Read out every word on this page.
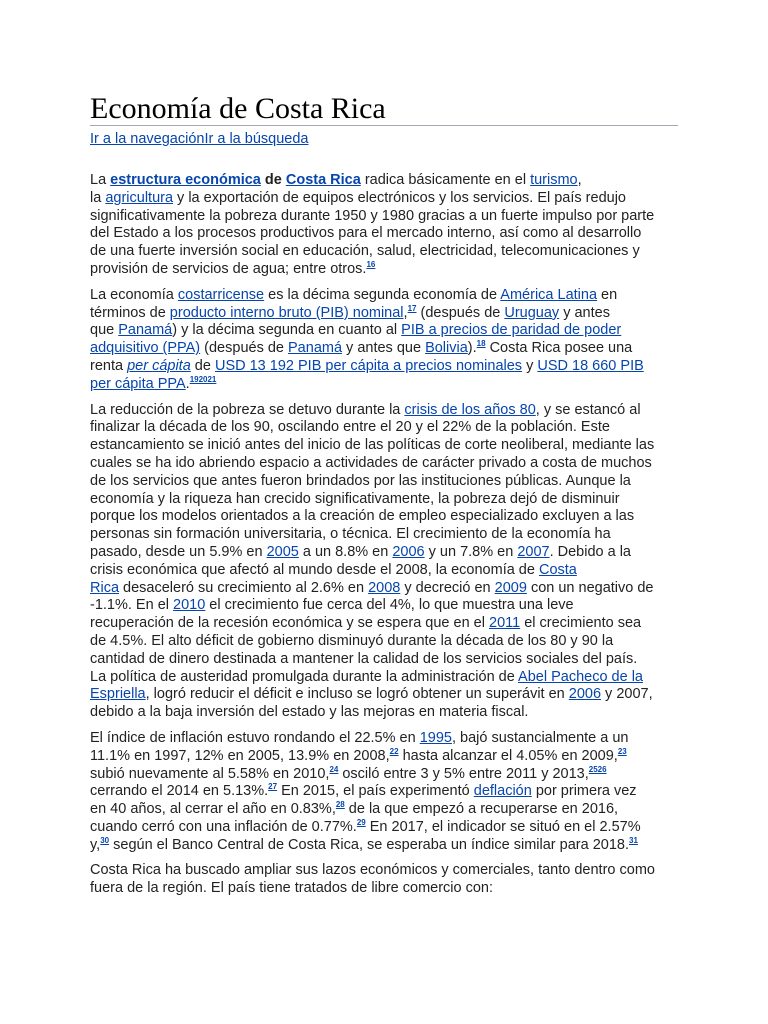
Economía de Costa Rica
Ir a la navegaciónIr a la búsqueda

La estructura económica de Costa Rica radica básicamente en el turismo,
la agricultura y la exportación de equipos electrónicos y los servicios. El país redujo
significativamente la pobreza durante 1950 y 1980 gracias a un fuerte impulso por parte
del Estado a los procesos productivos para el mercado interno, así como al desarrollo
de una fuerte inversión social en educación, salud, electricidad, telecomunicaciones y
provisión de servicios de agua; entre otros.$^{16}$

La economía costarricense es la décima segunda economía de América Latina en
términos de producto interno bruto (PIB) nominal,$^{17}$ (después de Uruguay y antes
que Panamá) y la décima segunda en cuanto al PIB a precios de paridad de poder
adquisitivo (PPA) (después de Panamá y antes que Bolivia).$^{18}$ Costa Rica posee una
renta per cápita de USD 13 192 PIB per cápita a precios nominales y USD 18 660 PIB
per cápita PPA.$^{192021}$

La reducción de la pobreza se detuvo durante la crisis de los años 80, y se estancó al
finalizar la década de los 90, oscilando entre el 20 y el 22% de la población. Este
estancamiento se inició antes del inicio de las políticas de corte neoliberal, mediante las
cuales se ha ido abriendo espacio a actividades de carácter privado a costa de muchos
de los servicios que antes fueron brindados por las instituciones públicas. Aunque la
economía y la riqueza han crecido significativamente, la pobreza dejó de disminuir
porque los modelos orientados a la creación de empleo especializado excluyen a las
personas sin formación universitaria, o técnica. El crecimiento de la economía ha
pasado, desde un 5.9% en 2005 a un 8.8% en 2006 y un 7.8% en 2007. Debido a la
crisis económica que afectó al mundo desde el 2008, la economía de Costa
Rica desaceleró su crecimiento al 2.6% en 2008 y decreció en 2009 con un negativo de
-1.1%. En el 2010 el crecimiento fue cerca del 4%, lo que muestra una leve
recuperación de la recesión económica y se espera que en el 2011 el crecimiento sea
de 4.5%. El alto déficit de gobierno disminuyó durante la década de los 80 y 90 la
cantidad de dinero destinada a mantener la calidad de los servicios sociales del país.
La política de austeridad promulgada durante la administración de Abel Pacheco de la
Espriella, logró reducir el déficit e incluso se logró obtener un superávit en 2006 y 2007,
debido a la baja inversión del estado y las mejoras en materia fiscal.

El índice de inflación estuvo rondando el 22.5% en 1995, bajó sustancialmente a un
11.1% en 1997, 12% en 2005, 13.9% en 2008,22 hasta alcanzar el 4.05% en 2009,23
subió nuevamente al 5.58% en 2010,24 osciló entre 3 y 5% entre 2011 y 2013,$^{2526}$
cerrando el 2014 en 5.13%.$^{27}$ En 2015, el país experimentó deflación por primera vez
en 40 años, al cerrar el año en 0.83%,$^{28}$ de la que empezó a recuperarse en 2016,
cuando cerró con una inflación de 0.77%.$^{29}$ En 2017, el indicador se situó en el 2.57%
y,$^{30}$ según el Banco Central de Costa Rica, se esperaba un índice similar para 2018.31

Costa Rica ha buscado ampliar sus lazos económicos y comerciales, tanto dentro como
fuera de la región. El país tiene tratados de libre comercio con:
